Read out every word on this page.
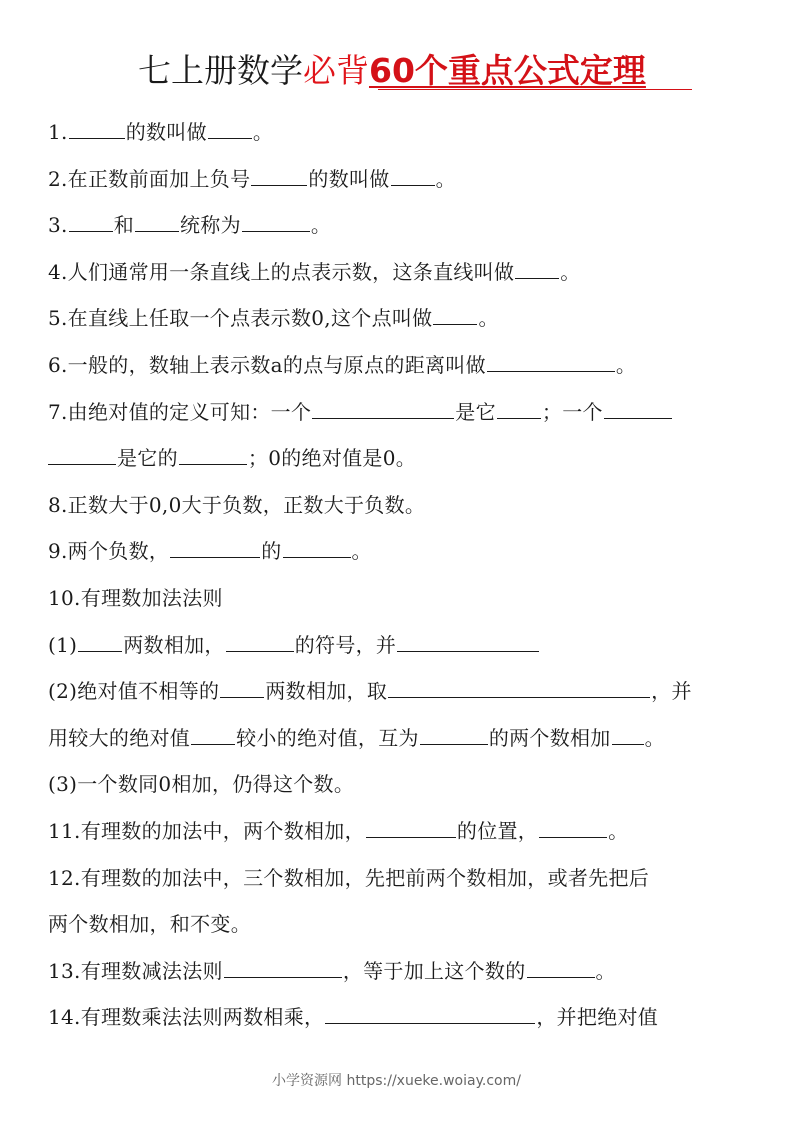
七上册数学必背60个重点公式定理
1.	的数叫做 。
2.在正数前面加上负号	的数叫做 。
3. 和 统称为	。
4.人们通常用一条直线上的点表示数，这条直线叫做 。
5.在直线上任取一个点表示数0,这个点叫做 。
6.一般的，数轴上表示数a的点与原点的距离叫做	。
7.由绝对值的定义可知：一个	是它 ；一个
是它的	；0的绝对值是0。
8.正数大于0,0大于负数，正数大于负数。
9.两个负数，	的	。
10.有理数加法法则
(1) 两数相加，	的符号，并
(2)绝对值不相等的 两数相加，取	，并
用较大的绝对值 较小的绝对值，互为	的两个数相加 。
(3)一个数同0相加，仍得这个数。
11.有理数的加法中，两个数相加，	的位置，	。
12.有理数的加法中，三个数相加，先把前两个数相加，或者先把后
两个数相加，和不变。
13.有理数减法法则	，等于加上这个数的	。
14.有理数乘法法则两数相乘，	，并把绝对值
小学资源网 https://xueke.woiay.com/
